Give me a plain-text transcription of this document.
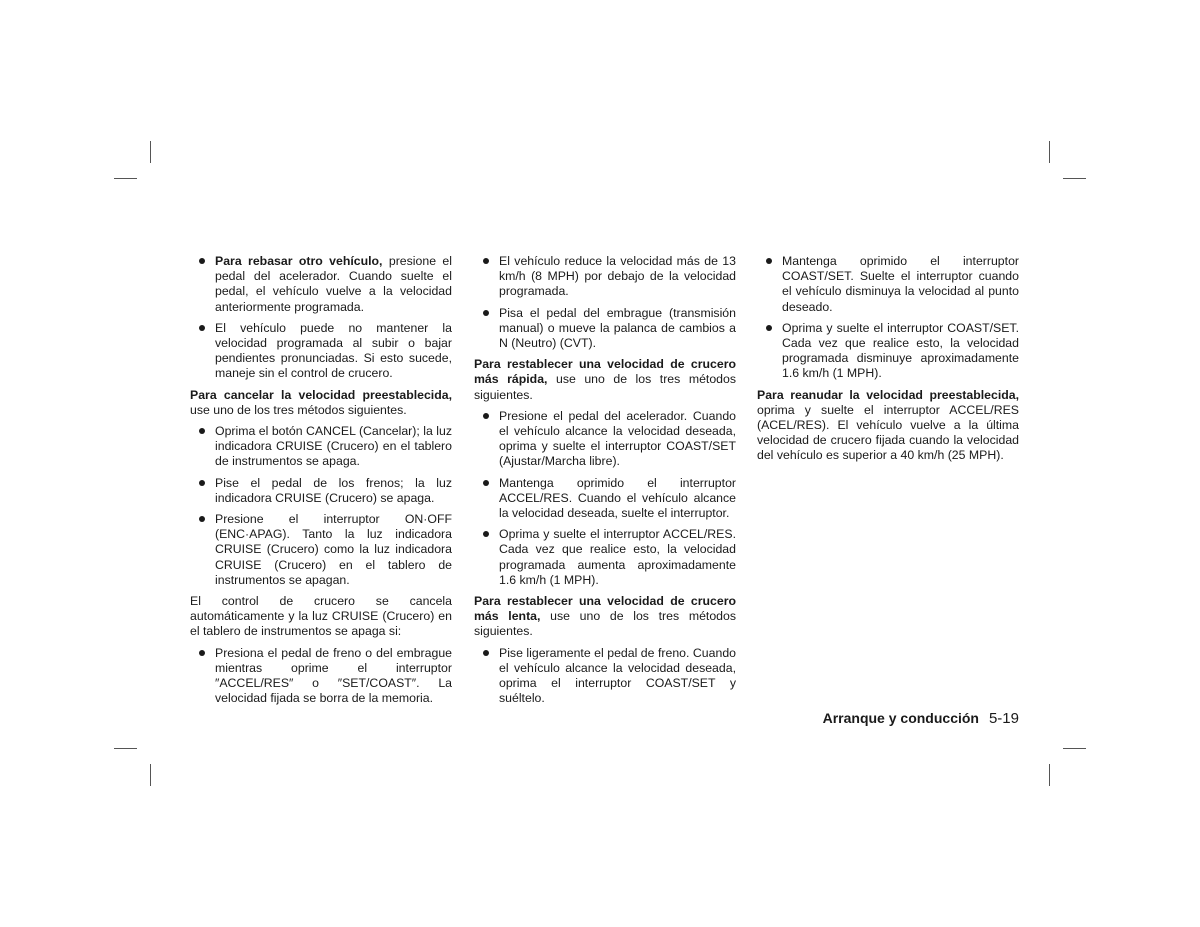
Para rebasar otro vehículo, presione el pedal del acelerador. Cuando suelte el pedal, el vehículo vuelve a la velocidad anteriormente programada.
El vehículo puede no mantener la velocidad programada al subir o bajar pendientes pronunciadas. Si esto sucede, maneje sin el control de crucero.
Para cancelar la velocidad preestablecida, use uno de los tres métodos siguientes.
Oprima el botón CANCEL (Cancelar); la luz indicadora CRUISE (Crucero) en el tablero de instrumentos se apaga.
Pise el pedal de los frenos; la luz indicadora CRUISE (Crucero) se apaga.
Presione el interruptor ON·OFF (ENC·APAG). Tanto la luz indicadora CRUISE (Crucero) como la luz indicadora CRUISE (Crucero) en el tablero de instrumentos se apagan.
El control de crucero se cancela automáticamente y la luz CRUISE (Crucero) en el tablero de instrumentos se apaga si:
Presiona el pedal de freno o del embrague mientras oprime el interruptor ″ACCEL/RES″ o ″SET/COAST″. La velocidad fijada se borra de la memoria.
El vehículo reduce la velocidad más de 13 km/h (8 MPH) por debajo de la velocidad programada.
Pisa el pedal del embrague (transmisión manual) o mueve la palanca de cambios a N (Neutro) (CVT).
Para restablecer una velocidad de crucero más rápida, use uno de los tres métodos siguientes.
Presione el pedal del acelerador. Cuando el vehículo alcance la velocidad deseada, oprima y suelte el interruptor COAST/SET (Ajustar/Marcha libre).
Mantenga oprimido el interruptor ACCEL/RES. Cuando el vehículo alcance la velocidad deseada, suelte el interruptor.
Oprima y suelte el interruptor ACCEL/RES. Cada vez que realice esto, la velocidad programada aumenta aproximadamente 1.6 km/h (1 MPH).
Para restablecer una velocidad de crucero más lenta, use uno de los tres métodos siguientes.
Pise ligeramente el pedal de freno. Cuando el vehículo alcance la velocidad deseada, oprima el interruptor COAST/SET y suéltelo.
Mantenga oprimido el interruptor COAST/SET. Suelte el interruptor cuando el vehículo disminuya la velocidad al punto deseado.
Oprima y suelte el interruptor COAST/SET. Cada vez que realice esto, la velocidad programada disminuye aproximadamente 1.6 km/h (1 MPH).
Para reanudar la velocidad preestablecida, oprima y suelte el interruptor ACCEL/RES (ACEL/RES). El vehículo vuelve a la última velocidad de crucero fijada cuando la velocidad del vehículo es superior a 40 km/h (25 MPH).
Arranque y conducción 5-19
